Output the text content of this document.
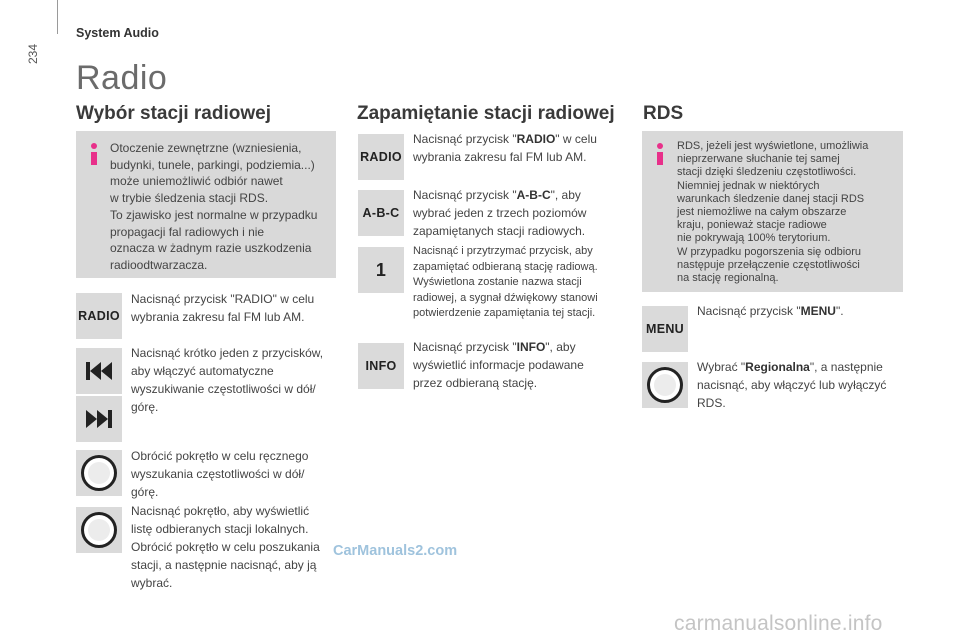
234
System Audio
Radio
Wybór stacji radiowej
Otoczenie zewnętrzne (wzniesienia,
budynki, tunele, parkingi, podziemia...)
może uniemożliwić odbiór nawet
w trybie śledzenia stacji RDS.
To zjawisko jest normalne w przypadku
propagacji fal radiowych i nie
oznacza w żadnym razie uszkodzenia
radioodtwarzacza.
RADIO
Nacisnąć przycisk "RADIO" w celu
wybrania zakresu fal FM lub AM.
Nacisnąć krótko jeden z przycisków,
aby włączyć automatyczne
wyszukiwanie częstotliwości w dół/
górę.
Obrócić pokrętło w celu ręcznego
wyszukania częstotliwości w dół/
górę.
Nacisnąć pokrętło, aby wyświetlić
listę odbieranych stacji lokalnych.
Obrócić pokrętło w celu poszukania
stacji, a następnie nacisnąć, aby ją
wybrać.
Zapamiętanie stacji radiowej
RADIO
Nacisnąć przycisk "RADIO" w celu
wybrania zakresu fal FM lub AM.
A-B-C
Nacisnąć przycisk "A-B-C", aby
wybrać jeden z trzech poziomów
zapamiętanych stacji radiowych.
1
Nacisnąć i przytrzymać przycisk, aby
zapamiętać odbieraną stację radiową.
Wyświetlona zostanie nazwa stacji
radiowej, a sygnał dźwiękowy stanowi
potwierdzenie zapamiętania tej stacji.
INFO
Nacisnąć przycisk "INFO", aby
wyświetlić informacje podawane
przez odbieraną stację.
RDS
RDS, jeżeli jest wyświetlone, umożliwia
nieprzerwane słuchanie tej samej
stacji dzięki śledzeniu częstotliwości.
Niemniej jednak w niektórych
warunkach śledzenie danej stacji RDS
jest niemożliwe na całym obszarze
kraju, ponieważ stacje radiowe
nie pokrywają 100% terytorium.
W przypadku pogorszenia się odbioru
następuje przełączenie częstotliwości
na stację regionalną.
MENU
Nacisnąć przycisk "MENU".
Wybrać "Regionalna", a następnie
nacisnąć, aby włączyć lub wyłączyć
RDS.
CarManuals2.com
carmanualsonline.info
